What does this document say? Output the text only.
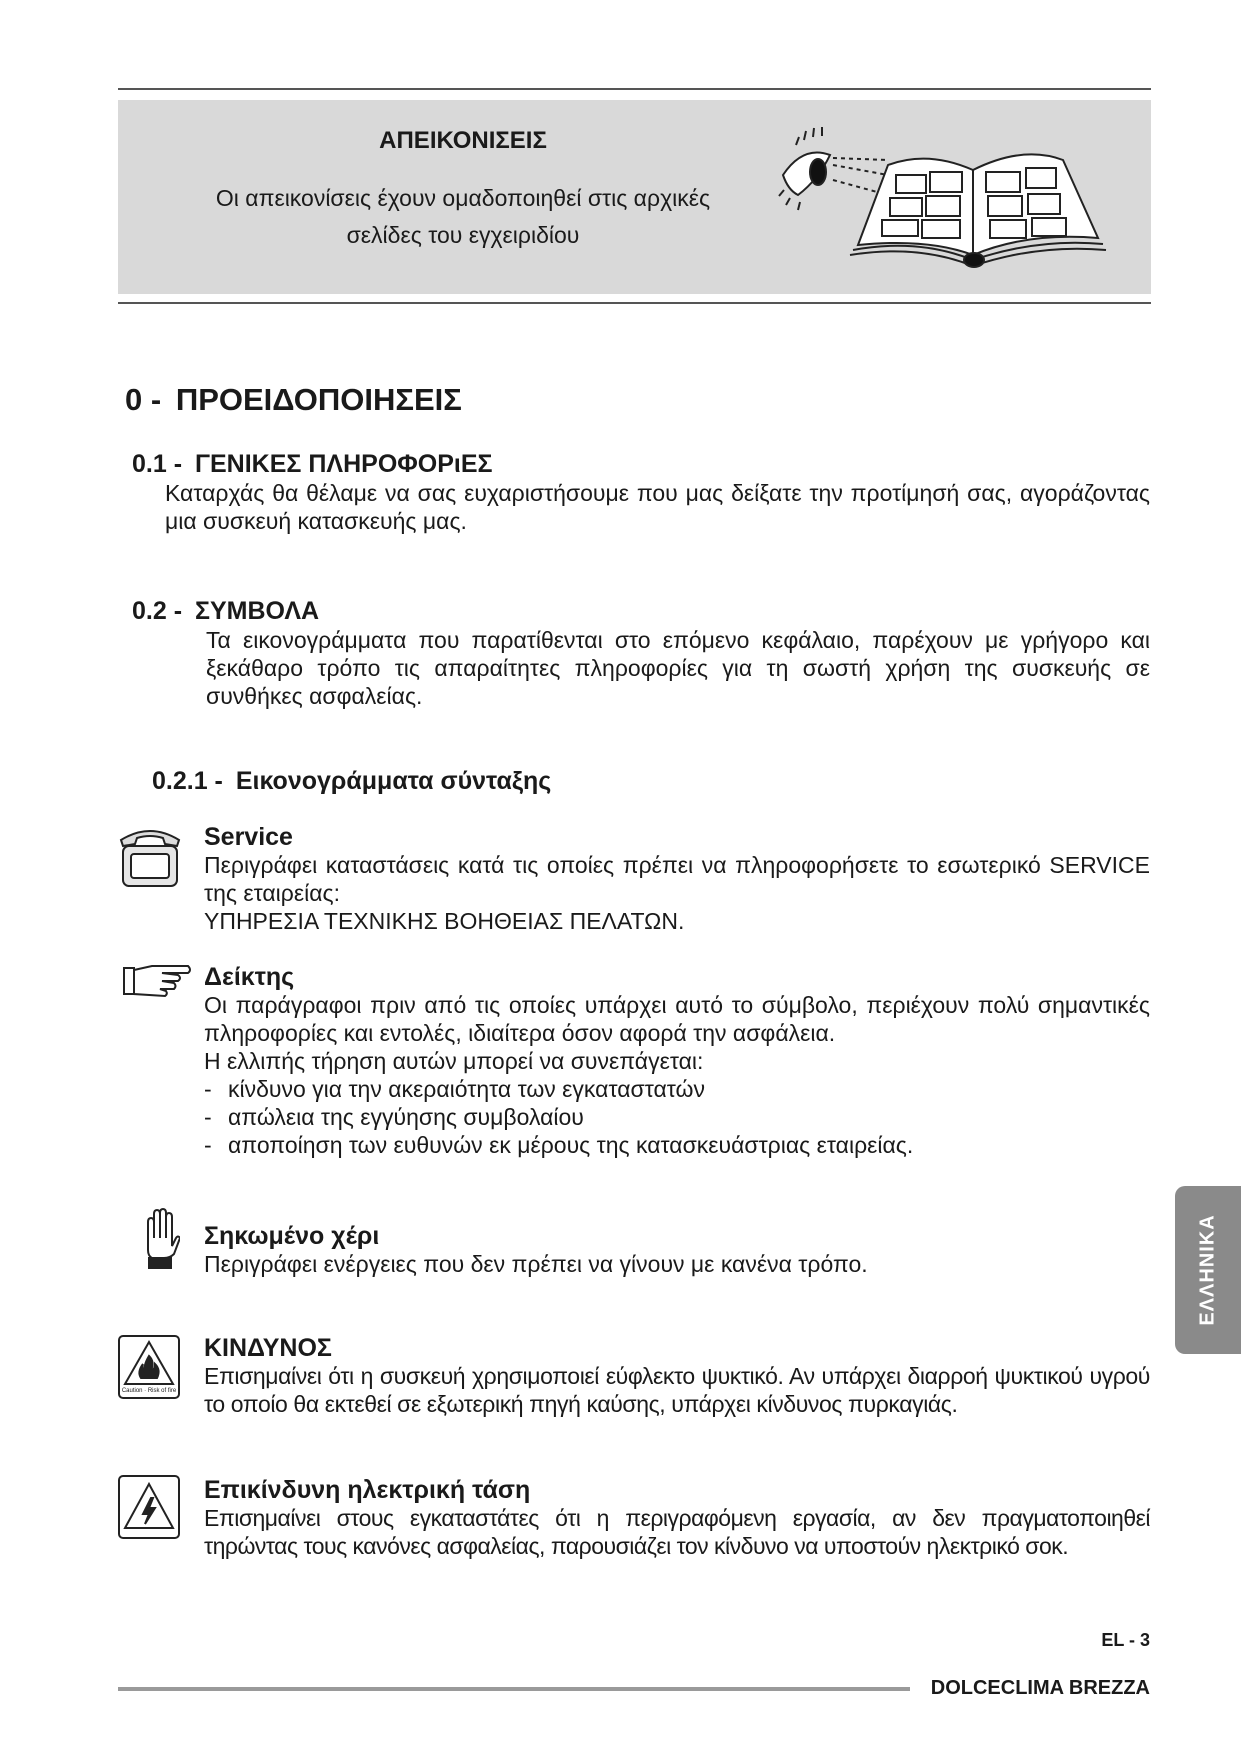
ΑΠΕΙΚΟΝΙΣΕΙΣ
Οι απεικονίσεις έχουν ομαδοποιηθεί στις αρχικές σελίδες του εγχειριδίου
0 - ΠΡΟΕΙΔΟΠΟΙΗΣΕΙΣ
0.1 - ΓΕΝΙΚΕΣ ΠΛΗΡΟΦΟΡιΕΣ
Καταρχάς θα θέλαμε να σας ευχαριστήσουμε που μας δείξατε την προτίμησή σας, αγοράζοντας μια συσκευή κατασκευής μας.
0.2 - ΣΥΜΒΟΛΑ
Τα εικονογράμματα που παρατίθενται στο επόμενο κεφάλαιο, παρέχουν με γρήγορο και ξεκάθαρο τρόπο τις απαραίτητες πληροφορίες για τη σωστή χρήση της συσκευής σε συνθήκες ασφαλείας.
0.2.1 - Εικονογράμματα σύνταξης
Service
Περιγράφει καταστάσεις κατά τις οποίες πρέπει να πληροφορήσετε το εσωτερικό SERVICE της εταιρείας:
ΥΠΗΡΕΣΙΑ ΤΕΧΝΙΚΗΣ ΒΟΗΘΕΙΑΣ ΠΕΛΑΤΩΝ.
Δείκτης
Οι παράγραφοι πριν από τις οποίες υπάρχει αυτό το σύμβολο, περιέχουν πολύ σημαντικές πληροφορίες και εντολές, ιδιαίτερα όσον αφορά την ασφάλεια.
Η ελλιπής τήρηση αυτών μπορεί να συνεπάγεται:
- κίνδυνο για την ακεραιότητα των εγκαταστατών
- απώλεια της εγγύησης συμβολαίου
- αποποίηση των ευθυνών εκ μέρους της κατασκευάστριας εταιρείας.
Σηκωμένο χέρι
Περιγράφει ενέργειες που δεν πρέπει να γίνουν με κανένα τρόπο.
Caution · Risk of fire
ΚΙΝΔΥΝΟΣ
Επισημαίνει ότι η συσκευή χρησιμοποιεί εύφλεκτο ψυκτικό. Αν υπάρχει διαρροή ψυκτικού υγρού το οποίο θα εκτεθεί σε εξωτερική πηγή καύσης, υπάρχει κίνδυνος πυρκαγιάς.
Επικίνδυνη ηλεκτρική τάση
Επισημαίνει στους εγκαταστάτες ότι η περιγραφόμενη εργασία, αν δεν πραγματοποιηθεί τηρώντας τους κανόνες ασφαλείας, παρουσιάζει τον κίνδυνο να υποστούν ηλεκτρικό σοκ.
ΕΛΛΗΝΙΚΑ
EL - 3
DOLCECLIMA BREZZA
